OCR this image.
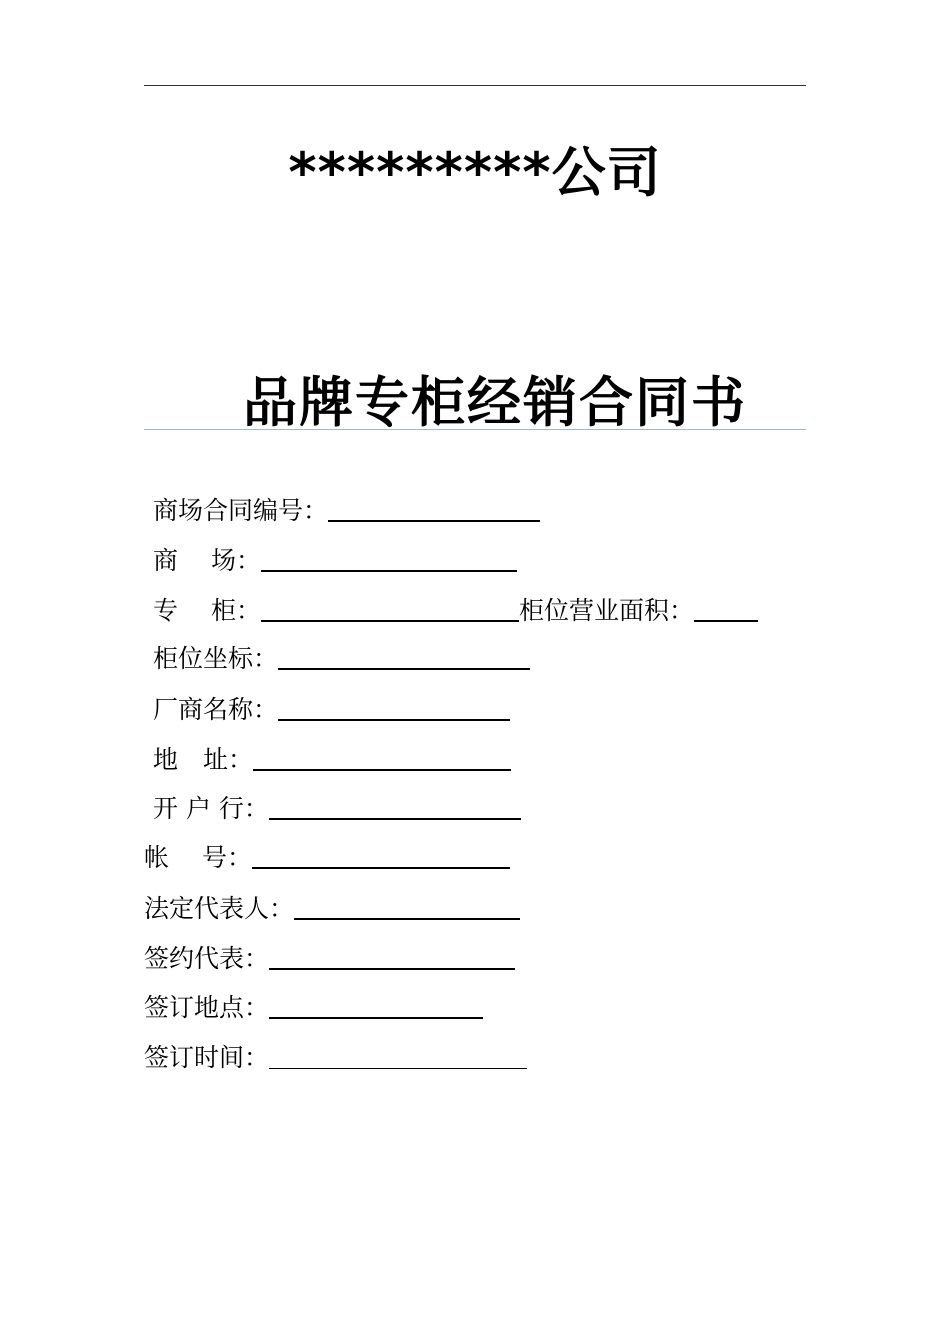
*********公司
品牌专柜经销合同书
商场合同编号：
商　 场：
专　 柜：	柜位营业面积：
柜位坐标：
厂商名称：
地　址：
开 户 行：
帐　 号：
法定代表人：
签约代表：
签订地点：
签订时间：
